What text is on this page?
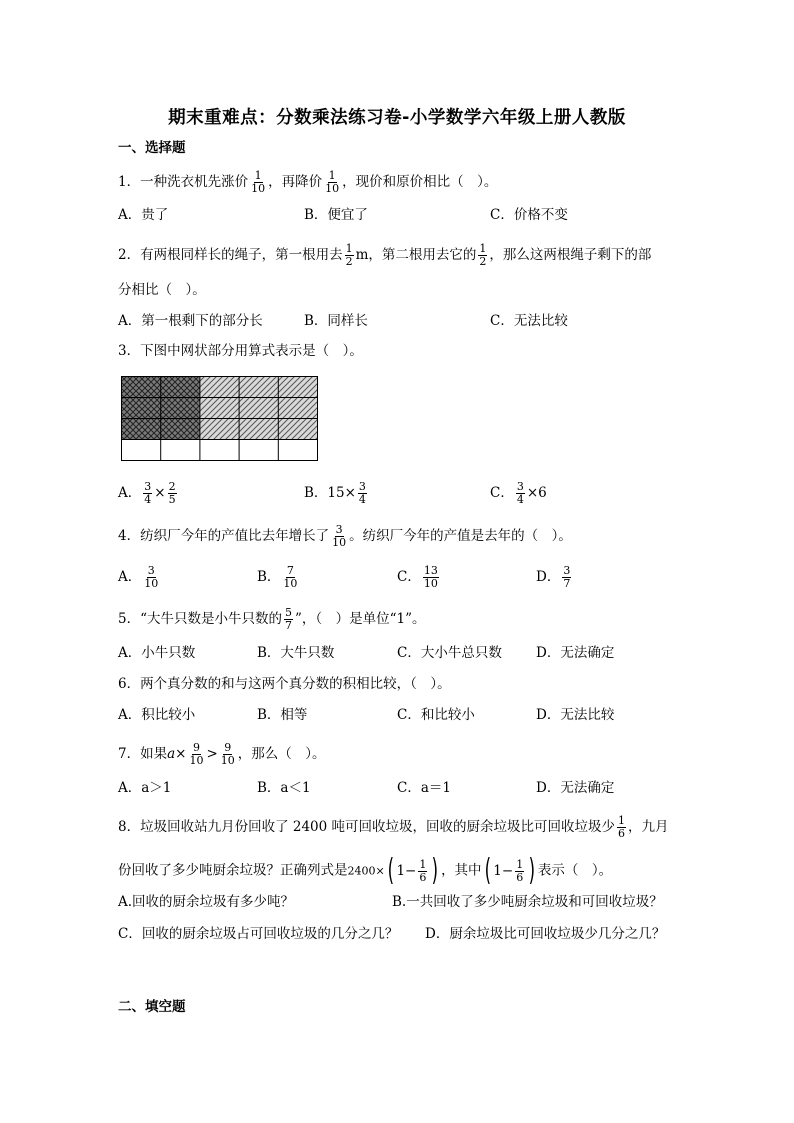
期末重难点：分数乘法练习卷-小学数学六年级上册人教版
一、选择题
1．一种洗衣机先涨价 $\frac{1}{10}$ ，再降价 $\frac{1}{10}$ ，现价和原价相比（　）。
A．贵了	B．便宜了	C．价格不变
2．有两根同样长的绳子，第一根用去 $\frac{1}{2}$ m，第二根用去它的 $\frac{1}{2}$ ，那么这两根绳子剩下的部
分相比（　）。
A．第一根剩下的部分长	B．同样长	C．无法比较
3．下图中网状部分用算式表示是（　）。
A． $\frac{3}{4} \times \frac{2}{5}$	B．$15\times \frac{3}{4}$	C． $\frac{3}{4} \times 6$
4．纺织厂今年的产值比去年增长了 $\frac{3}{10}$ 。纺织厂今年的产值是去年的（　）。
A． $\frac{3}{10}$	B． $\frac{7}{10}$	C． $\frac{13}{10}$	D． $\frac{3}{7}$
5．“大牛只数是小牛只数的 $\frac{5}{7}$ ”，（　）是单位“1”。
A．小牛只数	B．大牛只数	C．大小牛总只数	D．无法确定
6．两个真分数的和与这两个真分数的积相比较，（　）。
A．积比较小	B．相等	C．和比较小	D．无法比较
7．如果$a\times \frac{9}{10} > \frac{9}{10}$ ，那么（　）。
A．a＞1	B．a＜1	C．a＝1	D．无法确定
8．垃圾回收站九月份回收了 2400 吨可回收垃圾，回收的厨余垃圾比可回收垃圾少 $\frac{1}{6}$ ，九月
份回收了多少吨厨余垃圾？正确列式是2400× ( $1 - \frac{1}{6}$ ) ，其中 ( $1 - \frac{1}{6}$ ) 表示（　）。
A.回收的厨余垃圾有多少吨？	B.一共回收了多少吨厨余垃圾和可回收垃圾？
C．回收的厨余垃圾占可回收垃圾的几分之几？ D．厨余垃圾比可回收垃圾少几分之几？
二、填空题
